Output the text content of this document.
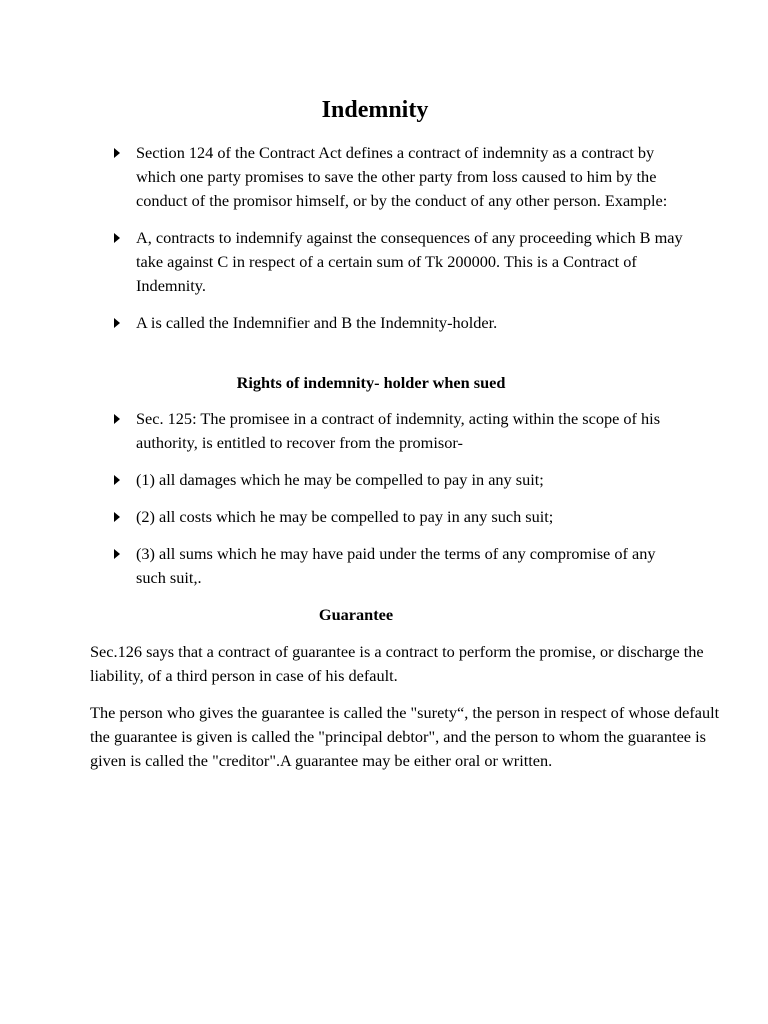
Indemnity
Section 124 of the Contract Act defines a contract of indemnity as a contract by which one party promises to save the other party from loss caused to him by the conduct of the promisor himself, or by the conduct of any other person. Example:
A, contracts to indemnify against the consequences of any proceeding which B may take against C in respect of a certain sum of Tk 200000. This is a Contract of Indemnity.
A is called the Indemnifier and B the Indemnity-holder.
Rights of indemnity- holder when sued
Sec. 125: The promisee in a contract of indemnity, acting within the scope of his authority, is entitled to recover from the promisor-
(1) all damages which he may be compelled to pay in any suit;
(2) all costs which he may be compelled to pay in any such suit;
(3) all sums which he may have paid under the terms of any compromise of any such suit,.
Guarantee

Sec.126 says that a contract of guarantee is a contract to perform the promise, or discharge the liability, of a third person in case of his default.

The person who gives the guarantee is called the "surety“, the person in respect of whose default the guarantee is given is called the "principal debtor", and the person to whom the guarantee is given is called the "creditor".A guarantee may be either oral or written.
